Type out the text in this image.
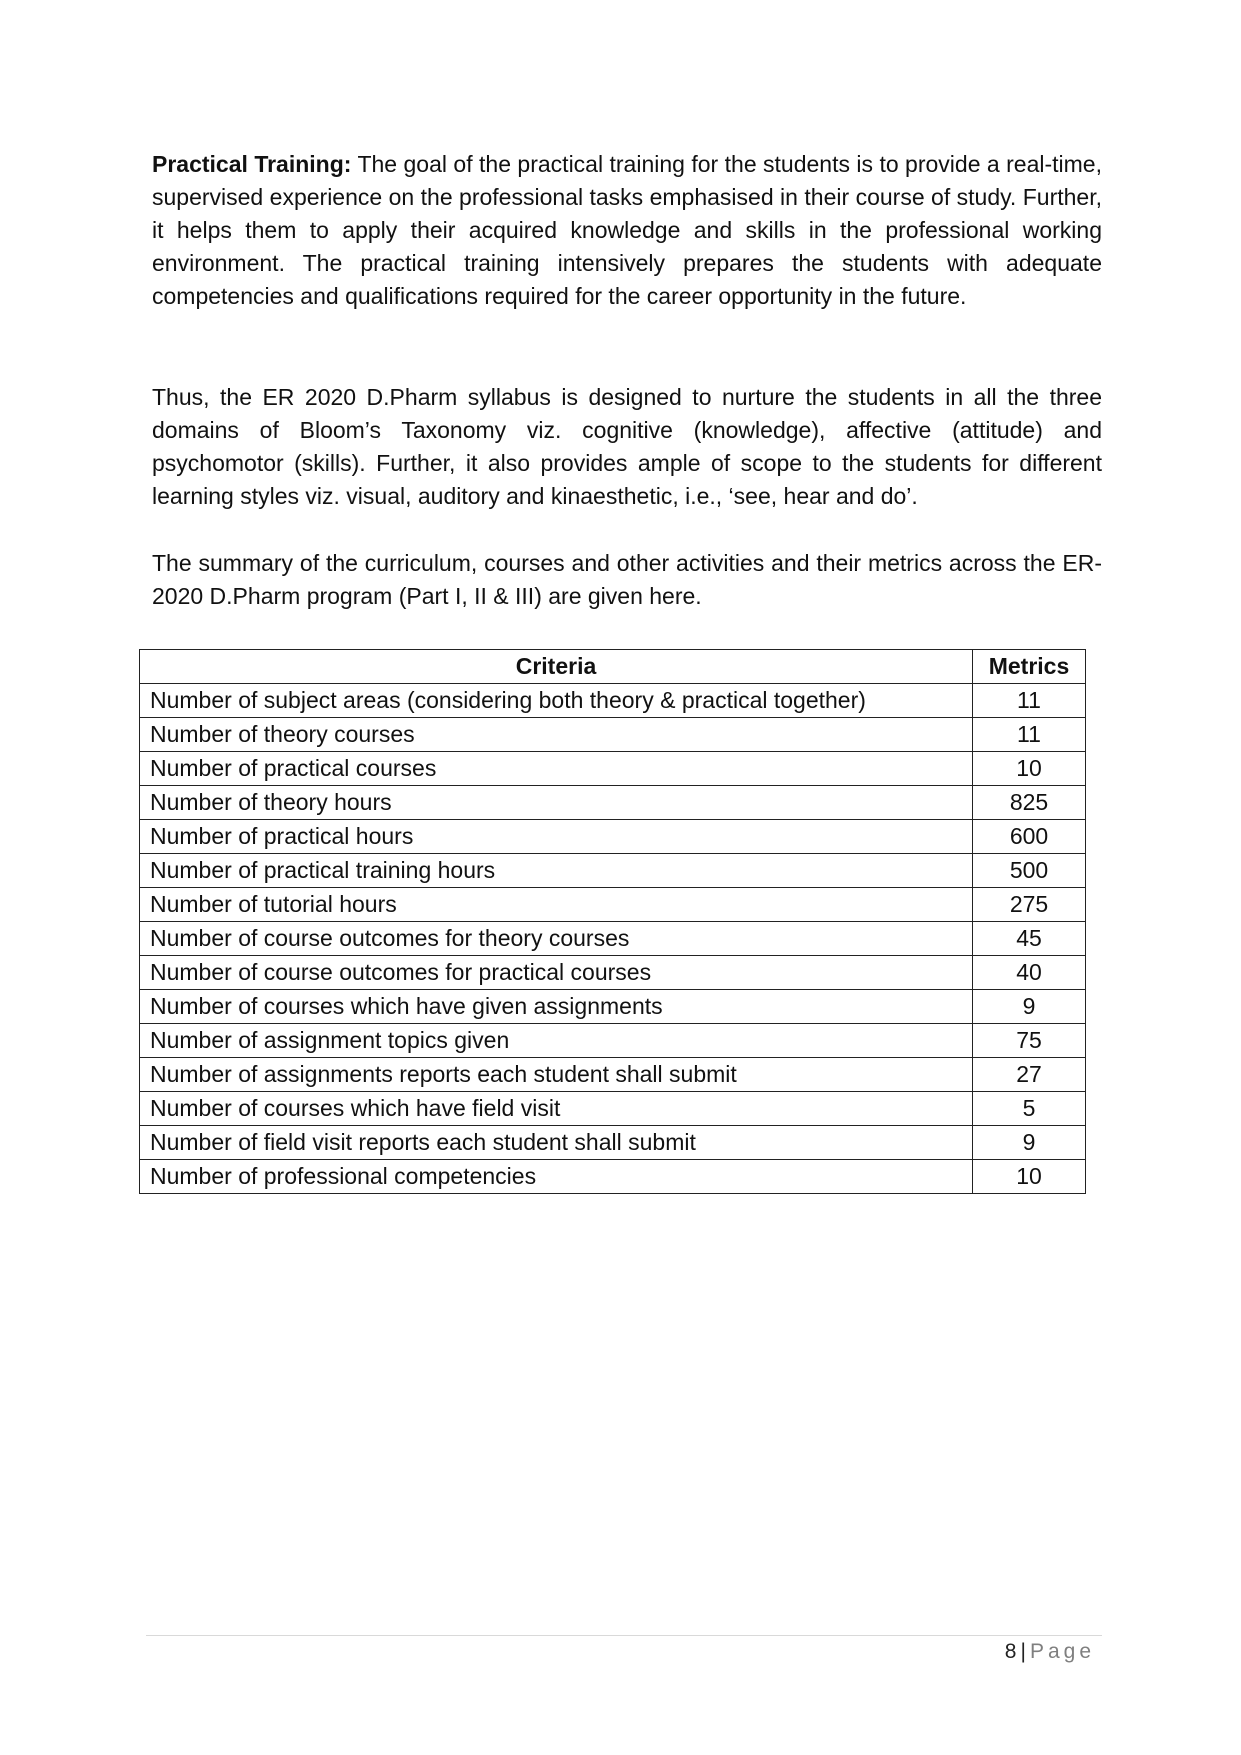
Practical Training: The goal of the practical training for the students is to provide a real-time, supervised experience on the professional tasks emphasised in their course of study. Further, it helps them to apply their acquired knowledge and skills in the professional working environment. The practical training intensively prepares the students with adequate competencies and qualifications required for the career opportunity in the future.

Thus, the ER 2020 D.Pharm syllabus is designed to nurture the students in all the three domains of Bloom’s Taxonomy viz. cognitive (knowledge), affective (attitude) and psychomotor (skills). Further, it also provides ample of scope to the students for different learning styles viz. visual, auditory and kinaesthetic, i.e., ‘see, hear and do’.

The summary of the curriculum, courses and other activities and their metrics across the ER-2020 D.Pharm program (Part I, II & III) are given here.

Criteria	Metrics
Number of subject areas (considering both theory & practical together)	11
Number of theory courses	11
Number of practical courses	10
Number of theory hours	825
Number of practical hours	600
Number of practical training hours	500
Number of tutorial hours	275
Number of course outcomes for theory courses	45
Number of course outcomes for practical courses	40
Number of courses which have given assignments	9
Number of assignment topics given	75
Number of assignments reports each student shall submit	27
Number of courses which have field visit	5
Number of field visit reports each student shall submit	9
Number of professional competencies	10
8 | Page
